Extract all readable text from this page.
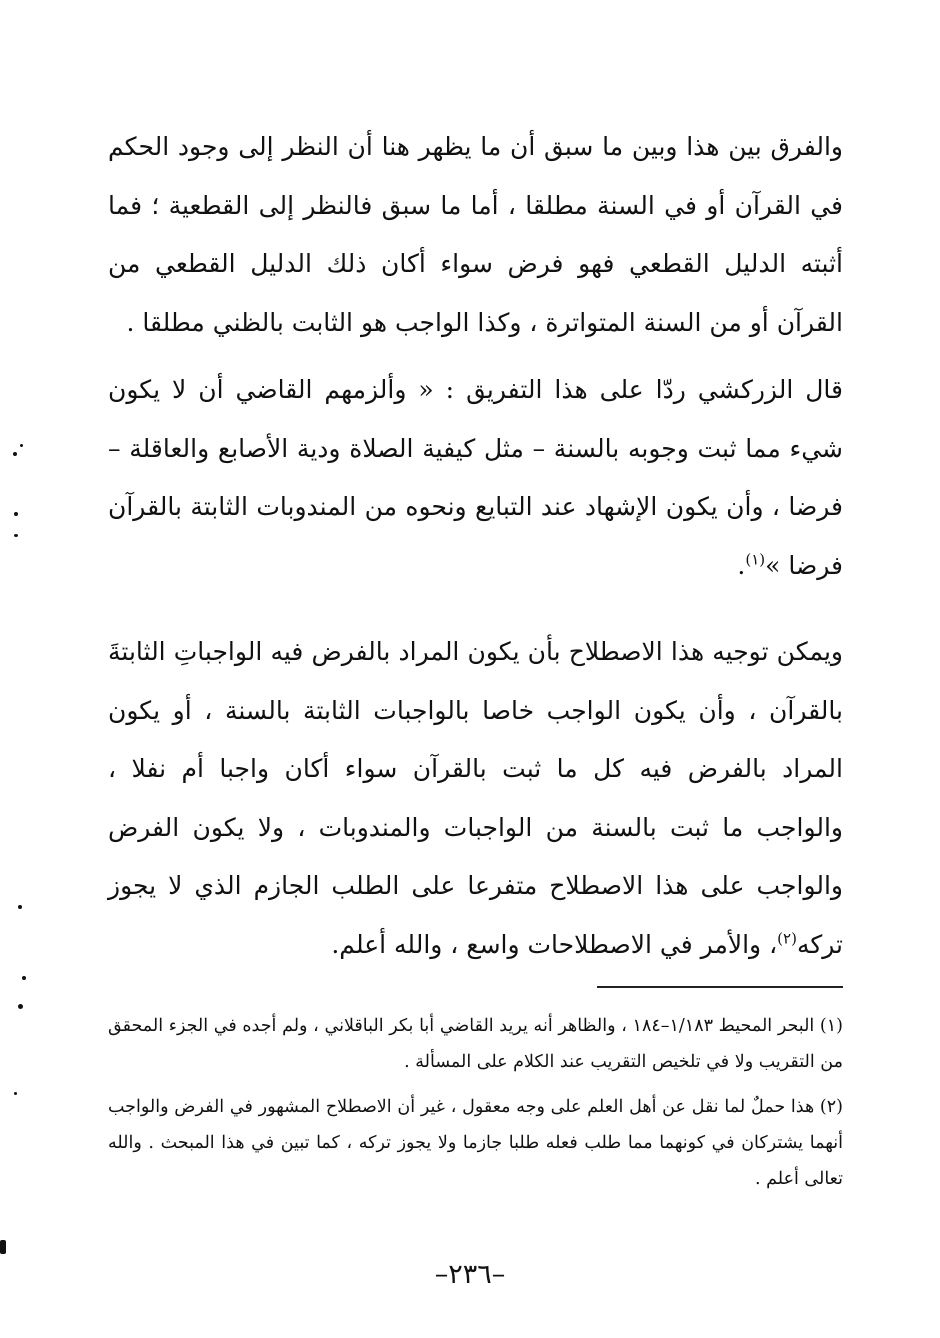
والفرق بين هذا وبين ما سبق أن ما يظهر هنا أن النظر إلى وجود الحكم في القرآن أو في السنة مطلقا ، أما ما سبق فالنظر إلى القطعية ؛ فما أثبته الدليل القطعي فهو فرض سواء أكان ذلك الدليل القطعي من القرآن أو من السنة المتواترة ، وكذا الواجب هو الثابت بالظني مطلقا .

قال الزركشي ردّا على هذا التفريق : « وألزمهم القاضي أن لا يكون شيء مما ثبت وجوبه بالسنة – مثل كيفية الصلاة ودية الأصابع والعاقلة – فرضا ، وأن يكون الإشهاد عند التبايع ونحوه من المندوبات الثابتة بالقرآن فرضا »$^{(١)}$.

ويمكن توجيه هذا الاصطلاح بأن يكون المراد بالفرض فيه الواجباتِ الثابتةَ بالقرآن ، وأن يكون الواجب خاصا بالواجبات الثابتة بالسنة ، أو يكون المراد بالفرض فيه كل ما ثبت بالقرآن سواء أكان واجبا أم نفلا ، والواجب ما ثبت بالسنة من الواجبات والمندوبات ، ولا يكون الفرض والواجب على هذا الاصطلاح متفرعا على الطلب الجازم الذي لا يجوز تركه$^{(٢)}$، والأمر في الاصطلاحات واسع ، والله أعلم.

(١) البحر المحيط ١/١٨٣–١٨٤ ، والظاهر أنه يريد القاضي أبا بكر الباقلاني ، ولم أجده في الجزء المحقق من التقريب ولا في تلخيص التقريب عند الكلام على المسألة .

(٢) هذا حملٌ لما نقل عن أهل العلم على وجه معقول ، غير أن الاصطلاح المشهور في الفرض والواجب أنهما يشتركان في كونهما مما طلب فعله طلبا جازما ولا يجوز تركه ، كما تبين في هذا المبحث . والله تعالى أعلم .

–٢٣٦–
